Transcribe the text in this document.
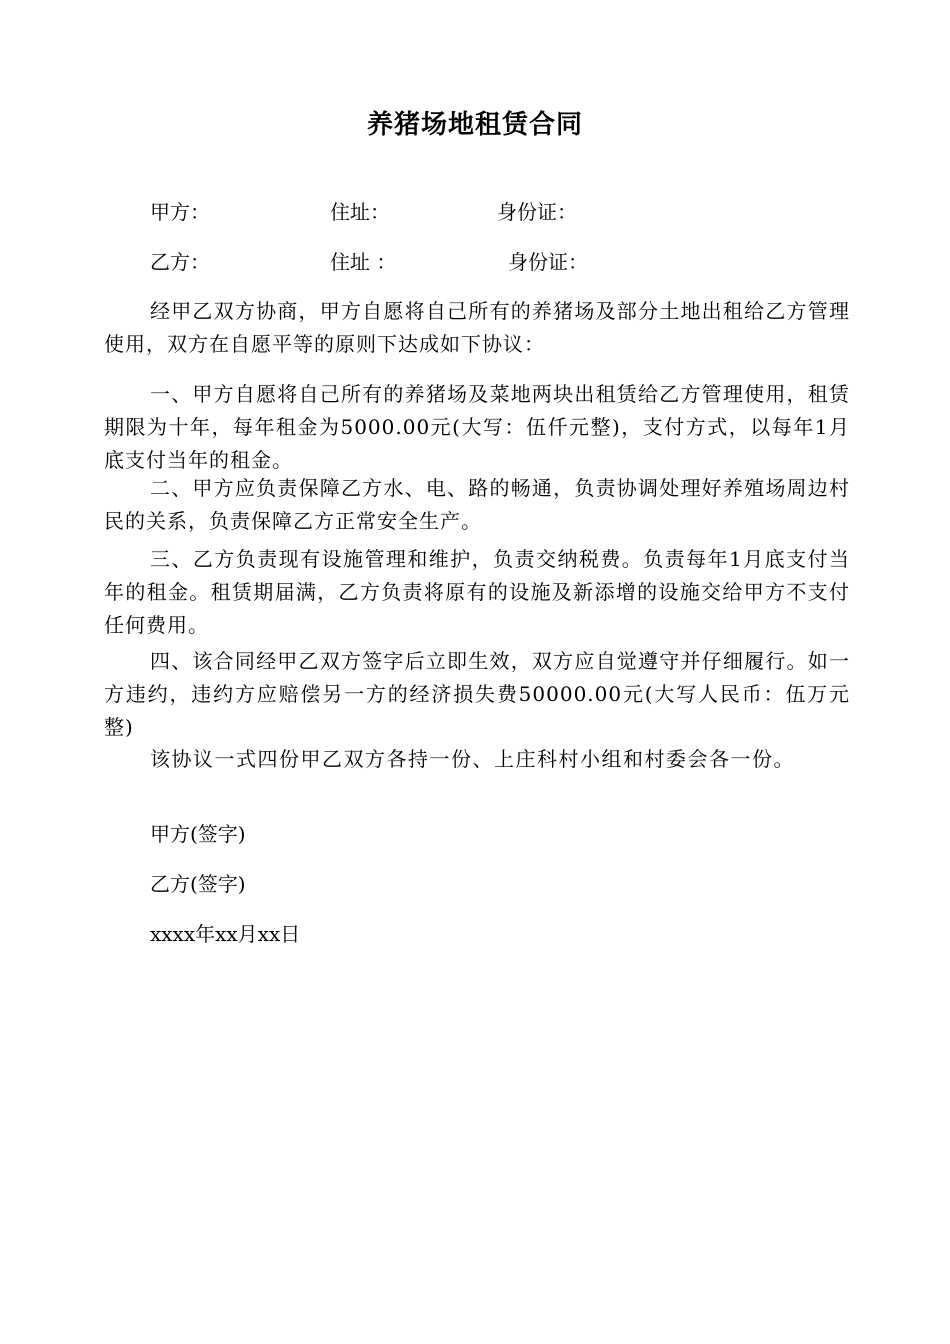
养猪场地租赁合同
甲方：	住址：	身份证：
乙方：	住址 ：	身份证：

经甲乙双方协商，甲方自愿将自己所有的养猪场及部分土地出租给乙方管理使用，双方在自愿平等的原则下达成如下协议：

一、甲方自愿将自己所有的养猪场及菜地两块出租赁给乙方管理使用，租赁期限为十年，每年租金为5000.00元(大写：伍仟元整)，支付方式，以每年1月底支付当年的租金。

二、甲方应负责保障乙方水、电、路的畅通，负责协调处理好养殖场周边村民的关系，负责保障乙方正常安全生产。

三、乙方负责现有设施管理和维护，负责交纳税费。负责每年1月底支付当年的租金。租赁期届满，乙方负责将原有的设施及新添增的设施交给甲方不支付任何费用。

四、该合同经甲乙双方签字后立即生效，双方应自觉遵守并仔细履行。如一方违约，违约方应赔偿另一方的经济损失费50000.00元(大写人民币：伍万元整)

该协议一式四份甲乙双方各持一份、上庄科村小组和村委会各一份。

甲方(签字)
乙方(签字)
xxxx年xx月xx日
